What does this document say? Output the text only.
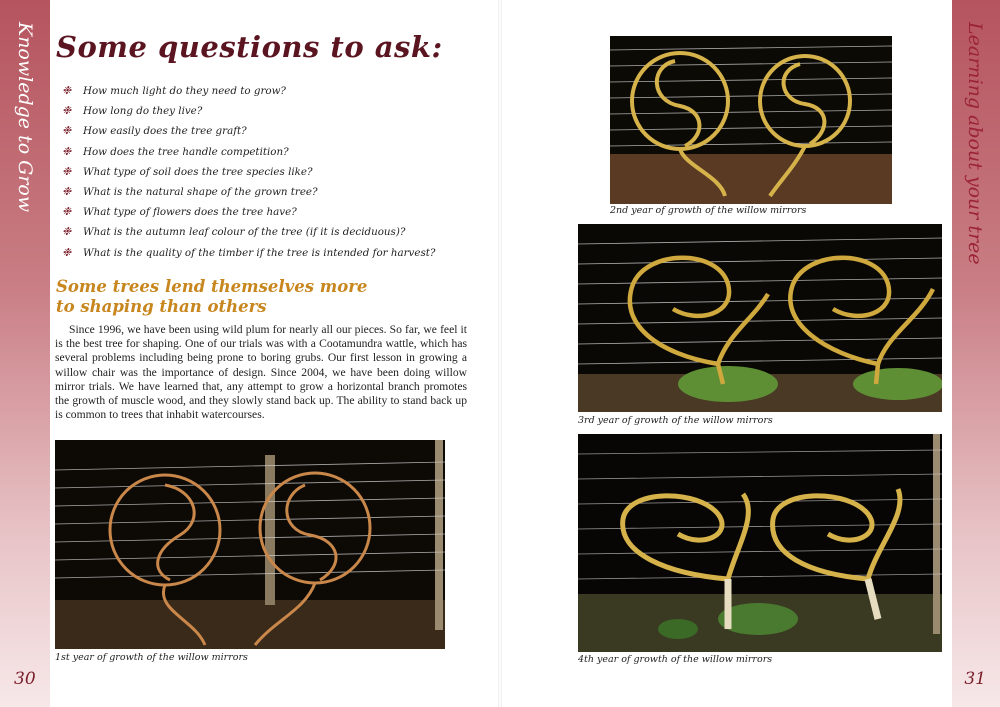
Knowledge to Grow
30
Learning about your tree
31
Some questions to ask:
❉ How much light do they need to grow?
❉ How long do they live?
❉ How easily does the tree graft?
❉ How does the tree handle competition?
❉ What type of soil does the tree species like?
❉ What is the natural shape of the grown tree?
❉ What type of flowers does the tree have?
❉ What is the autumn leaf colour of the tree (if it is deciduous)?
❉ What is the quality of the timber if the tree is intended for harvest?
Some trees lend themselves more to shaping than others

Since 1996, we have been using wild plum for nearly all our pieces. So far, we feel it is the best tree for shaping. One of our trials was with a Cootamundra wattle, which has several problems including being prone to boring grubs. Our first lesson in growing a willow chair was the importance of design. Since 2004, we have been doing willow mirror trials. We have learned that, any attempt to grow a horizontal branch promotes the growth of muscle wood, and they slowly stand back up. The ability to stand back up is common to trees that inhabit watercourses.

1st year of growth of the willow mirrors
2nd year of growth of the willow mirrors
3rd year of growth of the willow mirrors
4th year of growth of the willow mirrors
